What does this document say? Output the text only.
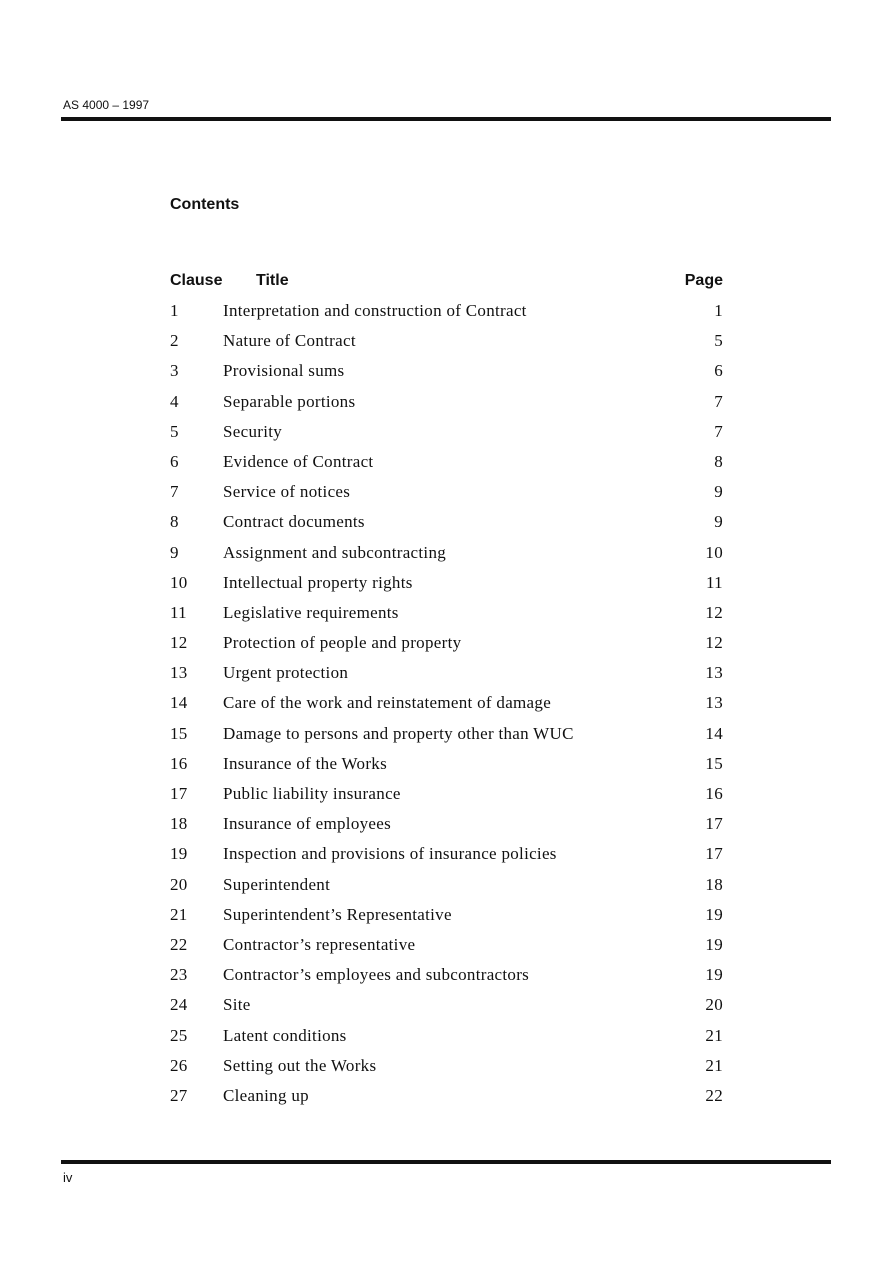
AS 4000 – 1997
Contents
Clause Title	Page
1	Interpretation and construction of Contract	1
2	Nature of Contract	5
3	Provisional sums	6
4	Separable portions	7
5	Security	7
6	Evidence of Contract	8
7	Service of notices	9
8	Contract documents	9
9	Assignment and subcontracting	10
10 Intellectual property rights	11
11 Legislative requirements	12
12 Protection of people and property	12
13 Urgent protection	13
14 Care of the work and reinstatement of damage	13
15 Damage to persons and property other than WUC	14
16 Insurance of the Works	15
17 Public liability insurance	16
18 Insurance of employees	17
19 Inspection and provisions of insurance policies	17
20 Superintendent	18
21 Superintendent’s Representative	19
22 Contractor’s representative	19
23 Contractor’s employees and subcontractors	19
24 Site	20
25 Latent conditions	21
26 Setting out the Works	21
27 Cleaning up	22
iv
